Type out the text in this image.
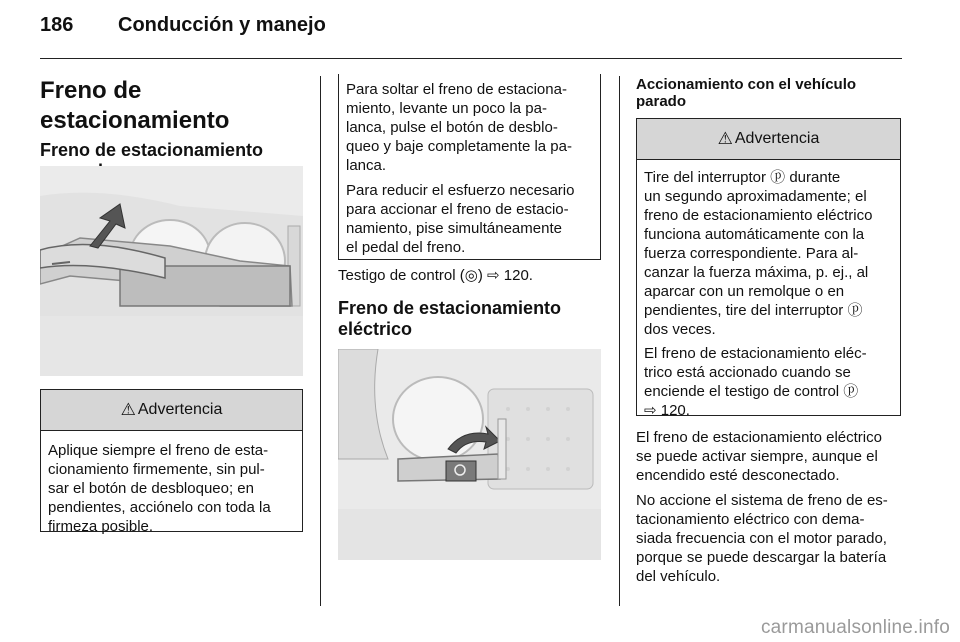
186 Conducción y manejo
Freno de estacionamiento
Freno de estacionamiento
⚠ Advertencia

Aplique siempre el freno de esta-

cionamiento firmemente, sin pul-

sar el botón de desbloqueo; en

pendientes, acciónelo con toda la

firmeza posible.

Para soltar el freno de estaciona-

miento, levante un poco la pa-

lanca, pulse el botón de desblo-

queo y baje completamente la pa-

lanca.

Para reducir el esfuerzo necesario

para accionar el freno de estacio-

namiento, pise simultáneamente

el pedal del freno.

Testigo de control (◎) ⇨ 120.

Freno de estacionamiento
eléctrico
Accionamiento con el vehículo
parado
⚠ Advertencia

Tire del interruptor ⓟ durante

un segundo aproximadamente; el

freno de estacionamiento eléctrico

funciona automáticamente con la

fuerza correspondiente. Para al-

canzar la fuerza máxima, p. ej., al

aparcar con un remolque o en

pendientes, tire del interruptor ⓟ

dos veces.

El freno de estacionamiento eléc-

trico está accionado cuando se

enciende el testigo de control ⓟ

⇨ 120.

El freno de estacionamiento eléctrico

se puede activar siempre, aunque el

encendido esté desconectado.

No accione el sistema de freno de es-

tacionamiento eléctrico con dema-

siada frecuencia con el motor parado,

porque se puede descargar la batería

del vehículo.

carmanualsonline.info
